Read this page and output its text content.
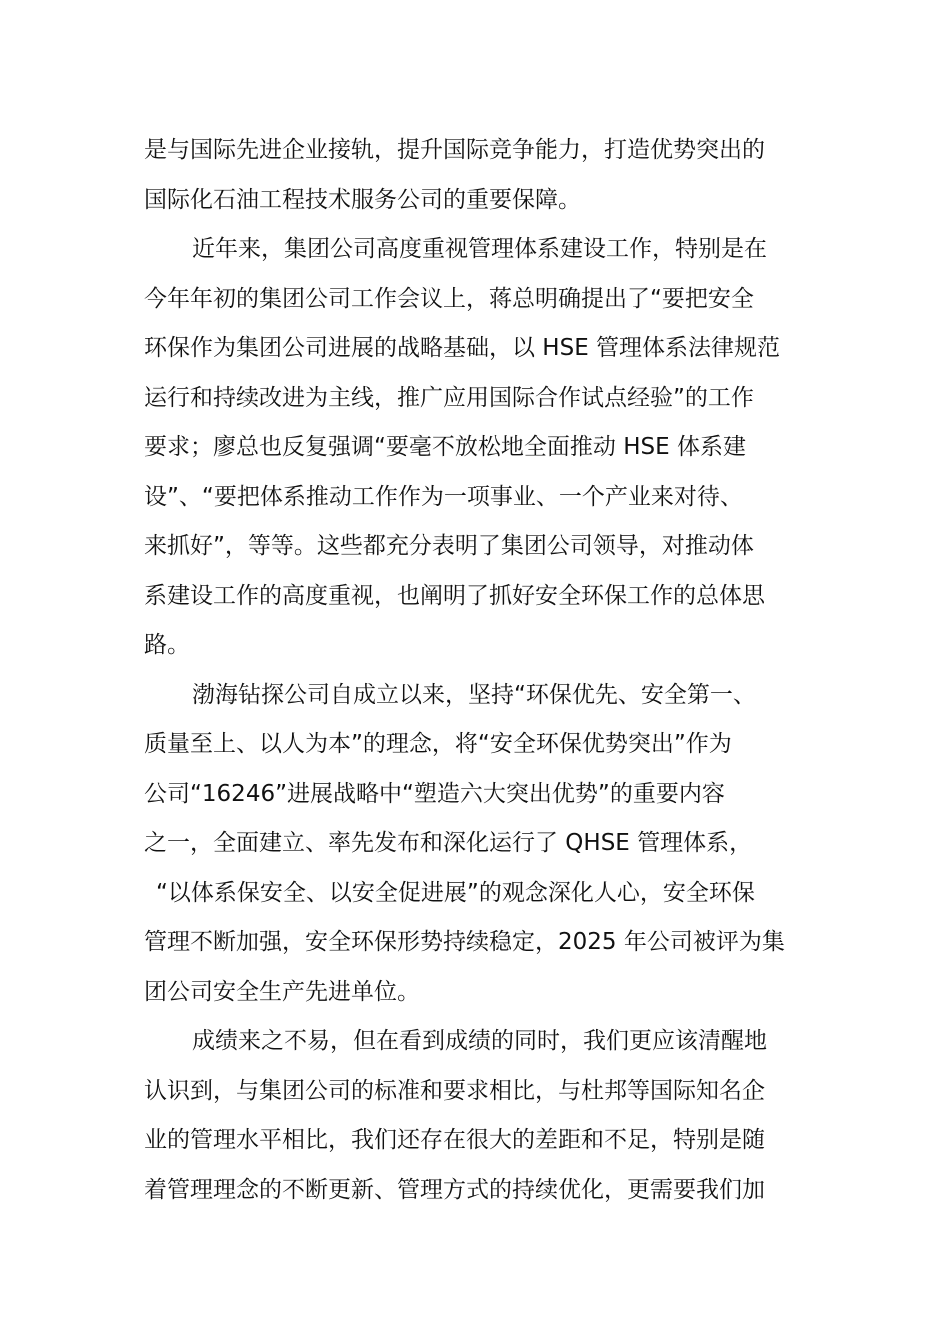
是与国际先进企业接轨，提升国际竞争能力，打造优势突出的
国际化石油工程技术服务公司的重要保障。
近年来，集团公司高度重视管理体系建设工作，特别是在
今年年初的集团公司工作会议上，蒋总明确提出了“要把安全
环保作为集团公司进展的战略基础，以 HSE 管理体系法律规范
运行和持续改进为主线，推广应用国际合作试点经验”的工作
要求；廖总也反复强调“要毫不放松地全面推动 HSE 体系建
设”、“要把体系推动工作作为一项事业、一个产业来对待、
来抓好”，等等。这些都充分表明了集团公司领导，对推动体
系建设工作的高度重视，也阐明了抓好安全环保工作的总体思
路。
渤海钻探公司自成立以来，坚持“环保优先、安全第一、
质量至上、以人为本”的理念，将“安全环保优势突出”作为
公司“16246”进展战略中“塑造六大突出优势”的重要内容
之一，全面建立、率先发布和深化运行了 QHSE 管理体系，
“以体系保安全、以安全促进展”的观念深化人心，安全环保
管理不断加强，安全环保形势持续稳定，2025 年公司被评为集
团公司安全生产先进单位。
成绩来之不易，但在看到成绩的同时，我们更应该清醒地
认识到，与集团公司的标准和要求相比，与杜邦等国际知名企
业的管理水平相比，我们还存在很大的差距和不足，特别是随
着管理理念的不断更新、管理方式的持续优化，更需要我们加
